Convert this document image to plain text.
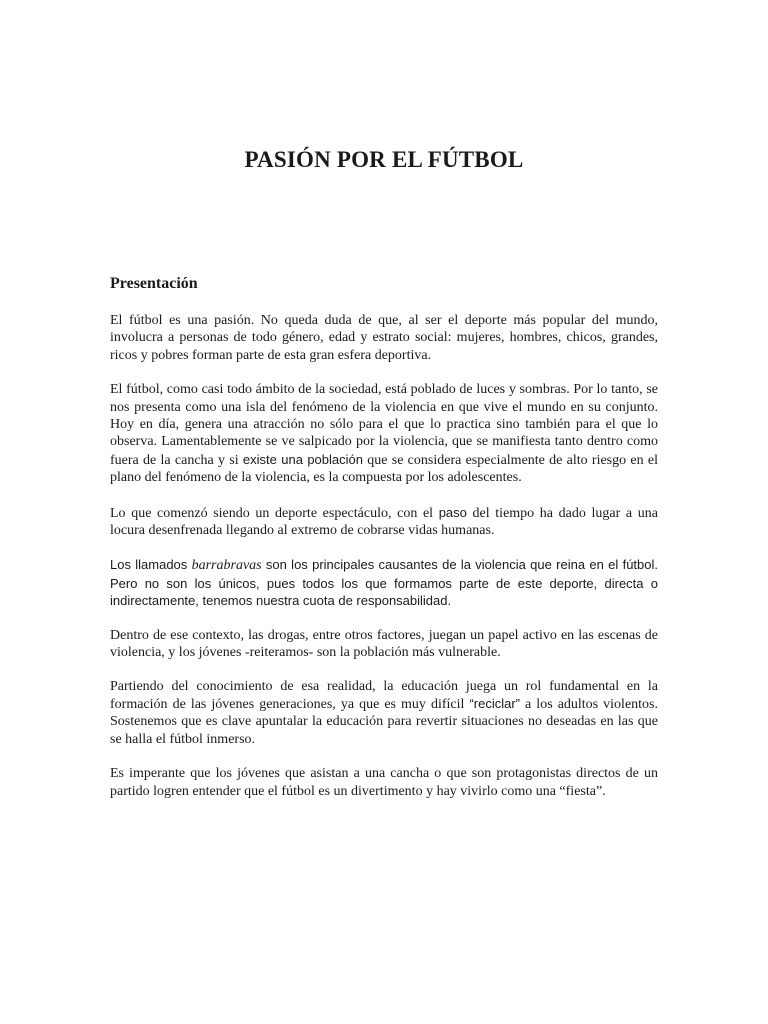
PASIÓN POR EL FÚTBOL
Presentación

El fútbol es una pasión. No queda duda de que, al ser el deporte más popular del mundo, involucra a personas de todo género, edad y estrato social: mujeres, hombres, chicos, grandes, ricos y pobres forman parte de esta gran esfera deportiva.

El fútbol, como casi todo ámbito de la sociedad, está poblado de luces y sombras. Por lo tanto, se nos presenta como una isla del fenómeno de la violencia en que vive el mundo en su conjunto. Hoy en día, genera una atracción no sólo para el que lo practica sino también para el que lo observa. Lamentablemente se ve salpicado por la violencia, que se manifiesta tanto dentro como fuera de la cancha y si existe una población que se considera especialmente de alto riesgo en el plano del fenómeno de la violencia, es la compuesta por los adolescentes.

Lo que comenzó siendo un deporte espectáculo, con el paso del tiempo ha dado lugar a una locura desenfrenada llegando al extremo de cobrarse vidas humanas.

Los llamados barrabravas son los principales causantes de la violencia que reina en el fútbol. Pero no son los únicos, pues todos los que formamos parte de este deporte, directa o indirectamente, tenemos nuestra cuota de responsabilidad.

Dentro de ese contexto, las drogas, entre otros factores, juegan un papel activo en las escenas de violencia, y los jóvenes -reiteramos- son la población más vulnerable.

Partiendo del conocimiento de esa realidad, la educación juega un rol fundamental en la formación de las jóvenes generaciones, ya que es muy difícil “reciclar” a los adultos violentos. Sostenemos que es clave apuntalar la educación para revertir situaciones no deseadas en las que se halla el fútbol inmerso.

Es imperante que los jóvenes que asistan a una cancha o que son protagonistas directos de un partido logren entender que el fútbol es un divertimento y hay vivirlo como una “fiesta”.
